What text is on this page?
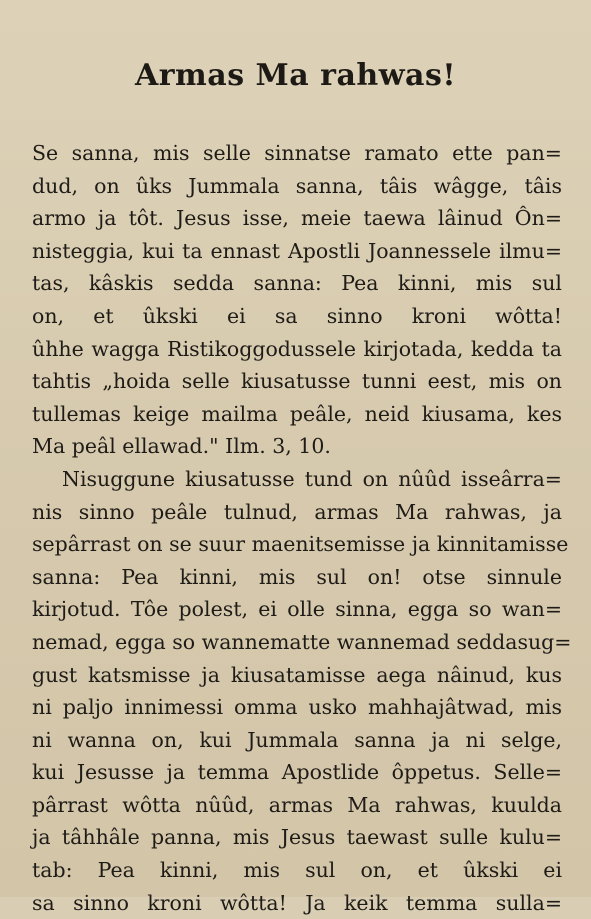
Armas Ma rahwas!
Se sanna, mis selle sinnatse ramato ette pan=
dud, on ûks Jummala sanna, tâis wâgge, tâis
armo ja tôt. Jesus isse, meie taewa lâinud Ôn=
nisteggia, kui ta ennast Apostli Joannessele ilmu=
tas, kâskis sedda sanna: Pea kinni, mis sul
on, et ûkski ei sa sinno kroni wôtta!
ûhhe wagga Ristikoggodussele kirjotada, kedda ta
tahtis „hoida selle kiusatusse tunni eest, mis on
tullemas keige mailma peâle, neid kiusama, kes
Ma peâl ellawad." Ilm. 3, 10.
Nisuggune kiusatusse tund on nûûd isseârra=
nis sinno peâle tulnud, armas Ma rahwas, ja
sepârrast on se suur maenitsemisse ja kinnitamisse
sanna: Pea kinni, mis sul on! otse sinnule
kirjotud. Tôe polest, ei olle sinna, egga so wan=
nemad, egga so wannematte wannemad seddasug=
gust katsmisse ja kiusatamisse aega nâinud, kus
ni paljo innimessi omma usko mahhajâtwad, mis
ni wanna on, kui Jummala sanna ja ni selge,
kui Jesusse ja temma Apostlide ôppetus. Selle=
pârrast wôtta nûûd, armas Ma rahwas, kuulda
ja tâhhâle panna, mis Jesus taewast sulle kulu=
tab: Pea kinni, mis sul on, et ûkski ei
sa sinno kroni wôtta! Ja keik temma sulla=
